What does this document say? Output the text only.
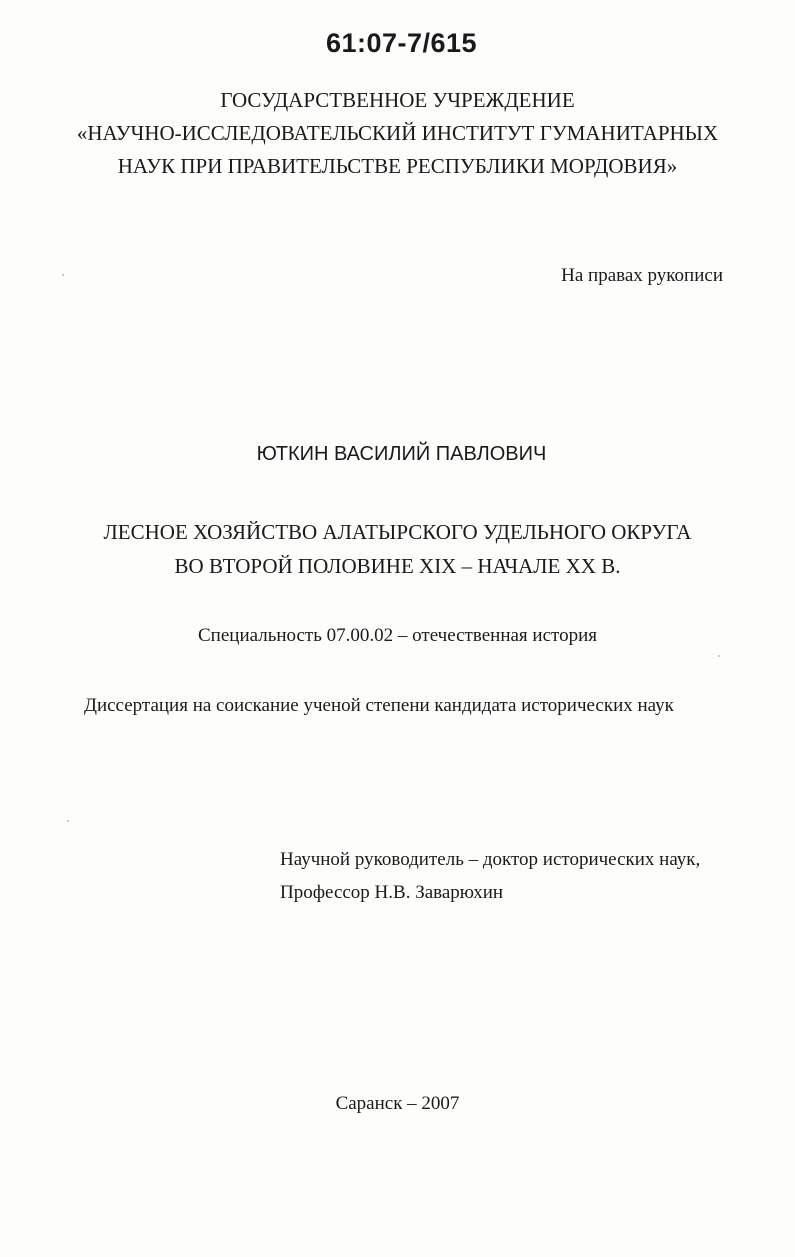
61:07-7/615
ГОСУДАРСТВЕННОЕ УЧРЕЖДЕНИЕ
«НАУЧНО-ИССЛЕДОВАТЕЛЬСКИЙ ИНСТИТУТ ГУМАНИТАРНЫХ
НАУК ПРИ ПРАВИТЕЛЬСТВЕ РЕСПУБЛИКИ МОРДОВИЯ»
На правах рукописи
ЮТКИН ВАСИЛИЙ ПАВЛОВИЧ
ЛЕСНОЕ ХОЗЯЙСТВО АЛАТЫРСКОГО УДЕЛЬНОГО ОКРУГА
ВО ВТОРОЙ ПОЛОВИНЕ XIX – НАЧАЛЕ XX В.
Специальность 07.00.02 – отечественная история
Диссертация на соискание ученой степени кандидата исторических наук
Научной руководитель – доктор исторических наук,
Профессор Н.В. Заварюхин
Саранск – 2007
